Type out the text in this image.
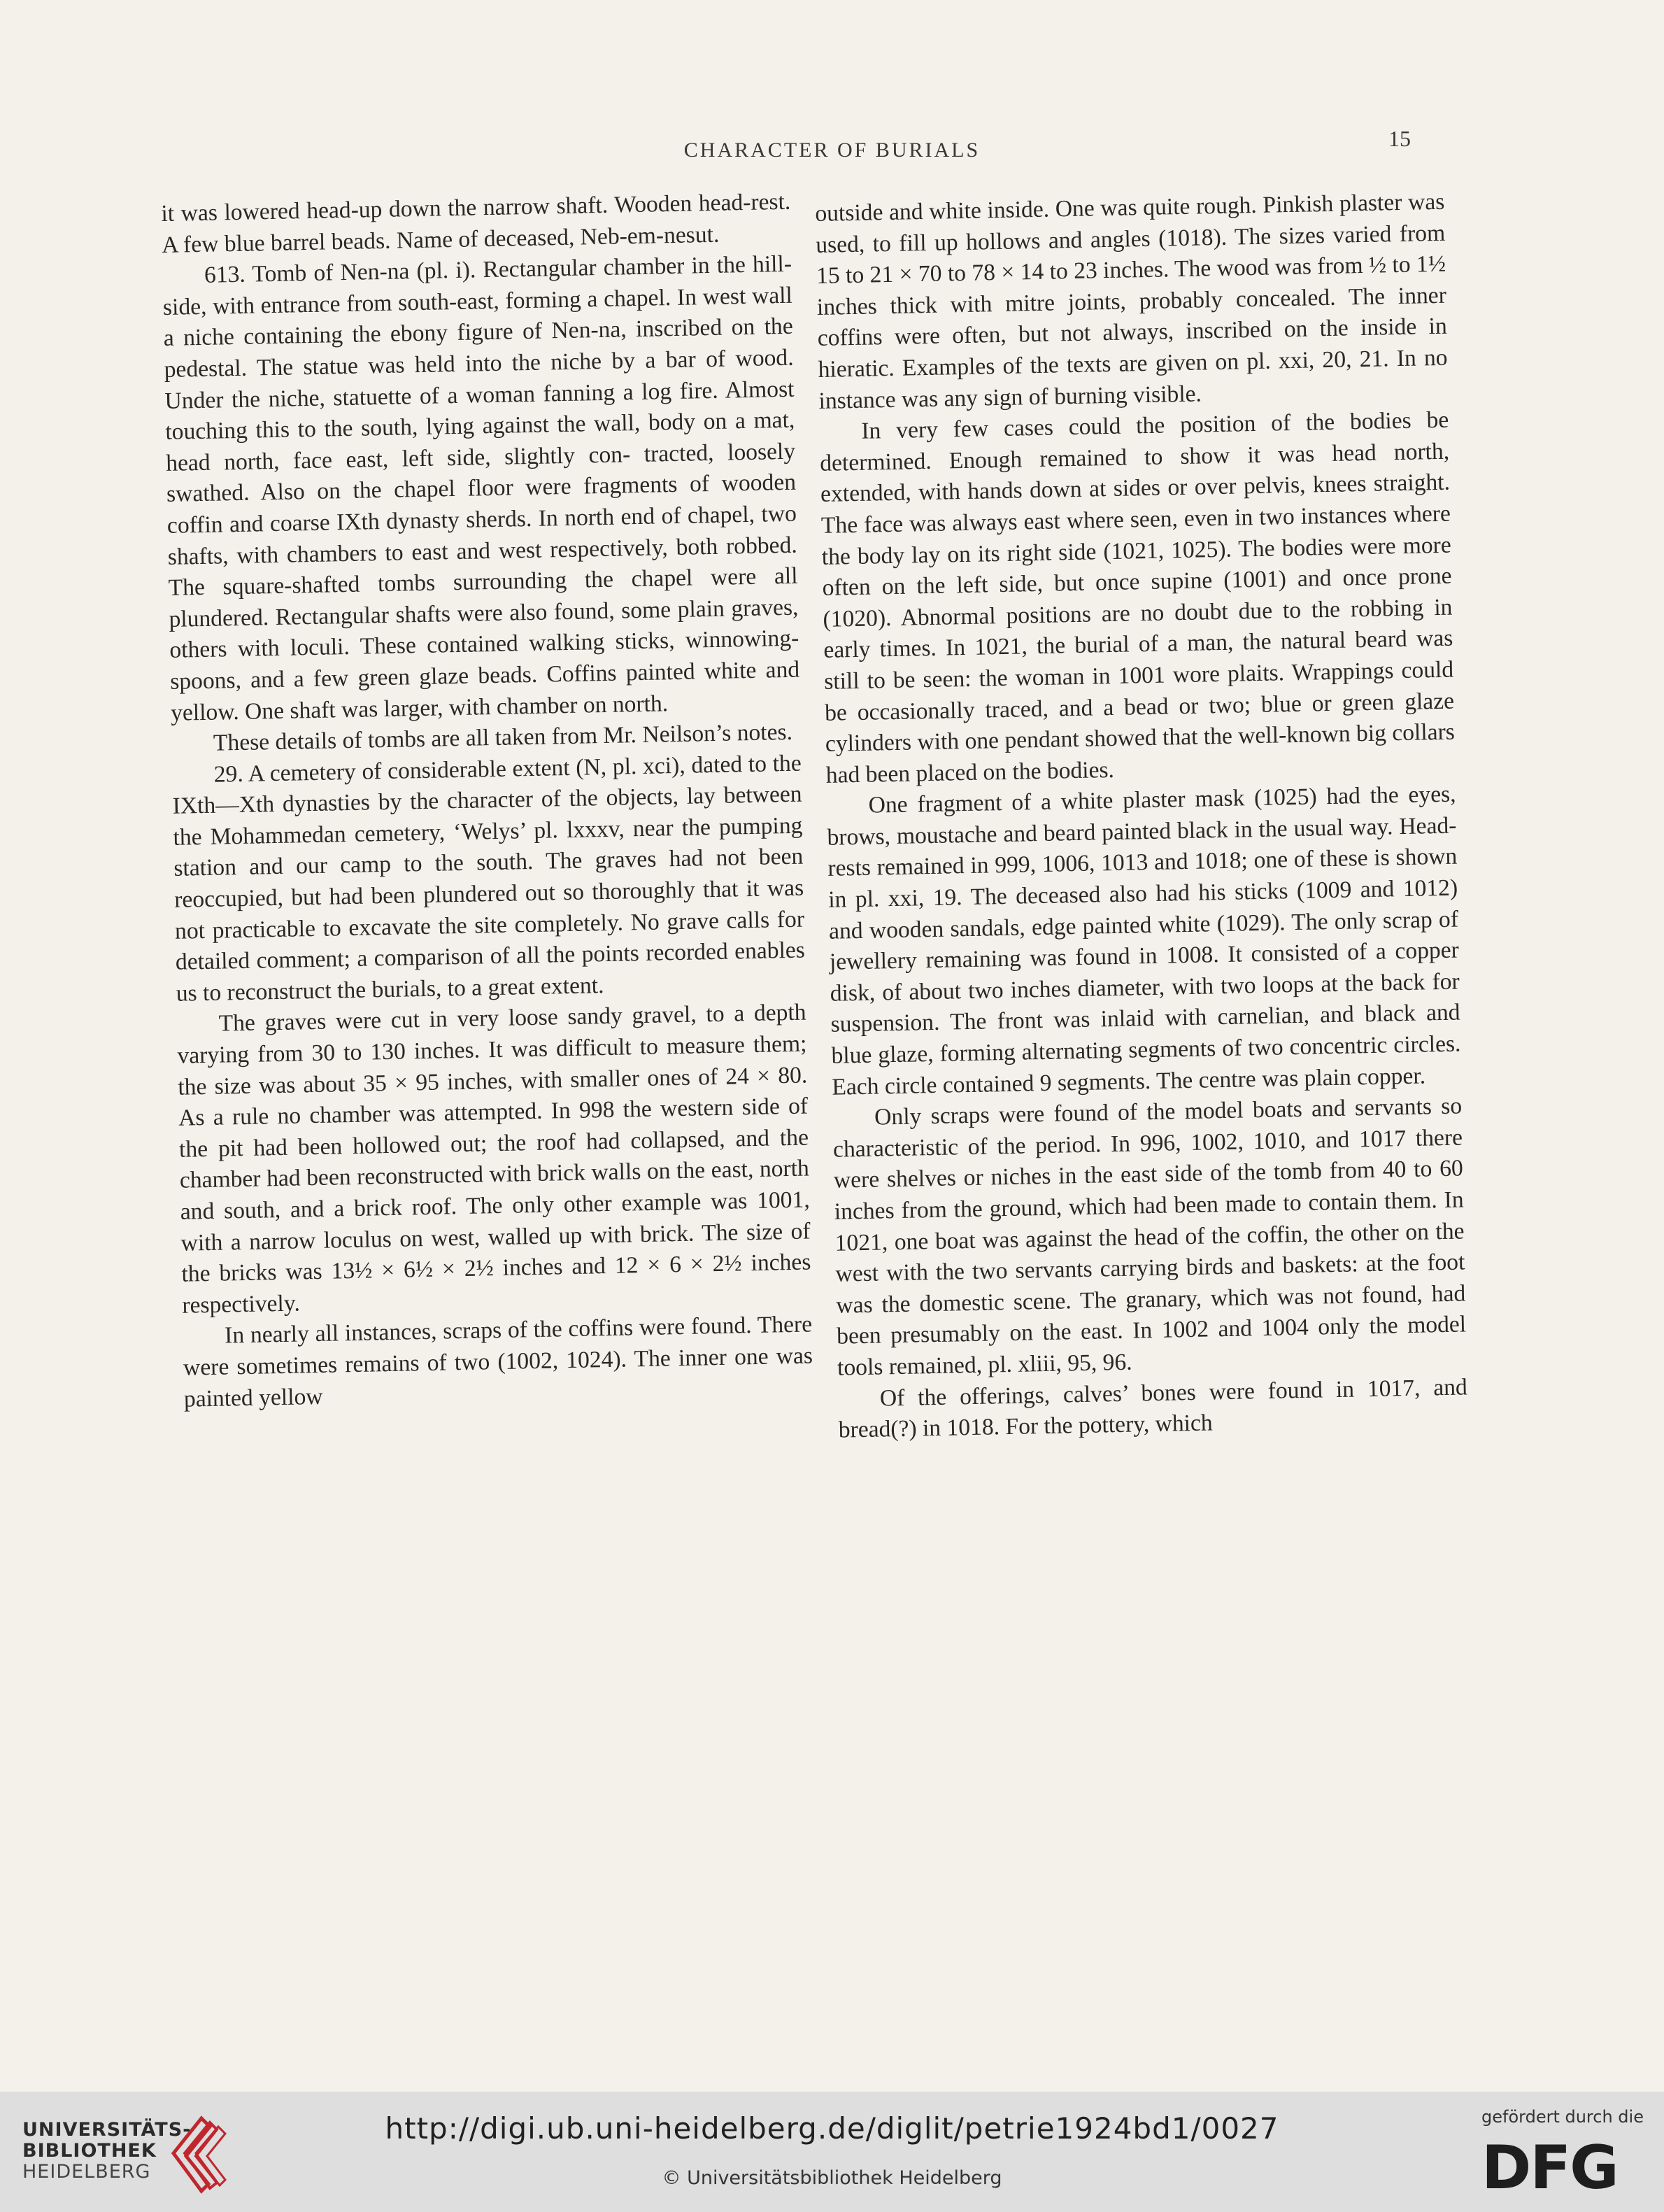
CHARACTER OF BURIALS	15

it was lowered head-up down the narrow shaft. Wooden head-rest. A few blue barrel beads. Name of deceased, Neb-em-nesut.

613. Tomb of Nen-na (pl. i). Rectangular chamber in the hill-side, with entrance from south-east, forming a chapel. In west wall a niche containing the ebony figure of Nen-na, inscribed on the pedestal. The statue was held into the niche by a bar of wood. Under the niche, statuette of a woman fanning a log fire. Almost touching this to the south, lying against the wall, body on a mat, head north, face east, left side, slightly con- tracted, loosely swathed. Also on the chapel floor were fragments of wooden coffin and coarse IXth dynasty sherds. In north end of chapel, two shafts, with chambers to east and west respectively, both robbed. The square-shafted tombs surrounding the chapel were all plundered. Rectangular shafts were also found, some plain graves, others with loculi. These contained walking sticks, winnowing-spoons, and a few green glaze beads. Coffins painted white and yellow. One shaft was larger, with chamber on north.

These details of tombs are all taken from Mr. Neilson’s notes.

29. A cemetery of considerable extent (N, pl. xci), dated to the IXth—Xth dynasties by the character of the objects, lay between the Mohammedan cemetery, ‘Welys’ pl. lxxxv, near the pumping station and our camp to the south. The graves had not been reoccupied, but had been plundered out so thoroughly that it was not practicable to excavate the site completely. No grave calls for detailed comment; a comparison of all the points recorded enables us to reconstruct the burials, to a great extent.

The graves were cut in very loose sandy gravel, to a depth varying from 30 to 130 inches. It was difficult to measure them; the size was about 35 × 95 inches, with smaller ones of 24 × 80. As a rule no chamber was attempted. In 998 the western side of the pit had been hollowed out; the roof had collapsed, and the chamber had been reconstructed with brick walls on the east, north and south, and a brick roof. The only other example was 1001, with a narrow loculus on west, walled up with brick. The size of the bricks was 13½ × 6½ × 2½ inches and 12 × 6 × 2½ inches respectively.

In nearly all instances, scraps of the coffins were found. There were sometimes remains of two (1002, 1024). The inner one was painted yellow

outside and white inside. One was quite rough. Pinkish plaster was used, to fill up hollows and angles (1018). The sizes varied from 15 to 21 × 70 to 78 × 14 to 23 inches. The wood was from ½ to 1½ inches thick with mitre joints, probably concealed. The inner coffins were often, but not always, inscribed on the inside in hieratic. Examples of the texts are given on pl. xxi, 20, 21. In no instance was any sign of burning visible.

In very few cases could the position of the bodies be determined. Enough remained to show it was head north, extended, with hands down at sides or over pelvis, knees straight. The face was always east where seen, even in two instances where the body lay on its right side (1021, 1025). The bodies were more often on the left side, but once supine (1001) and once prone (1020). Abnormal positions are no doubt due to the robbing in early times. In 1021, the burial of a man, the natural beard was still to be seen: the woman in 1001 wore plaits. Wrappings could be occasionally traced, and a bead or two; blue or green glaze cylinders with one pendant showed that the well-known big collars had been placed on the bodies.

One fragment of a white plaster mask (1025) had the eyes, brows, moustache and beard painted black in the usual way. Head-rests remained in 999, 1006, 1013 and 1018; one of these is shown in pl. xxi, 19. The deceased also had his sticks (1009 and 1012) and wooden sandals, edge painted white (1029). The only scrap of jewellery remaining was found in 1008. It consisted of a copper disk, of about two inches diameter, with two loops at the back for suspension. The front was inlaid with carnelian, and black and blue glaze, forming alternating segments of two concentric circles. Each circle contained 9 segments. The centre was plain copper.

Only scraps were found of the model boats and servants so characteristic of the period. In 996, 1002, 1010, and 1017 there were shelves or niches in the east side of the tomb from 40 to 60 inches from the ground, which had been made to contain them. In 1021, one boat was against the head of the coffin, the other on the west with the two servants carrying birds and baskets: at the foot was the domestic scene. The granary, which was not found, had been presumably on the east. In 1002 and 1004 only the model tools remained, pl. xliii, 95, 96.

Of the offerings, calves’ bones were found in 1017, and bread(?) in 1018. For the pottery, which

UNIVERSITÄTS-
BIBLIOTHEK
HEIDELBERG
http://digi.ub.uni-heidelberg.de/diglit/petrie1924bd1/0027
© Universitätsbibliothek Heidelberg
gefördert durch die
DFG
